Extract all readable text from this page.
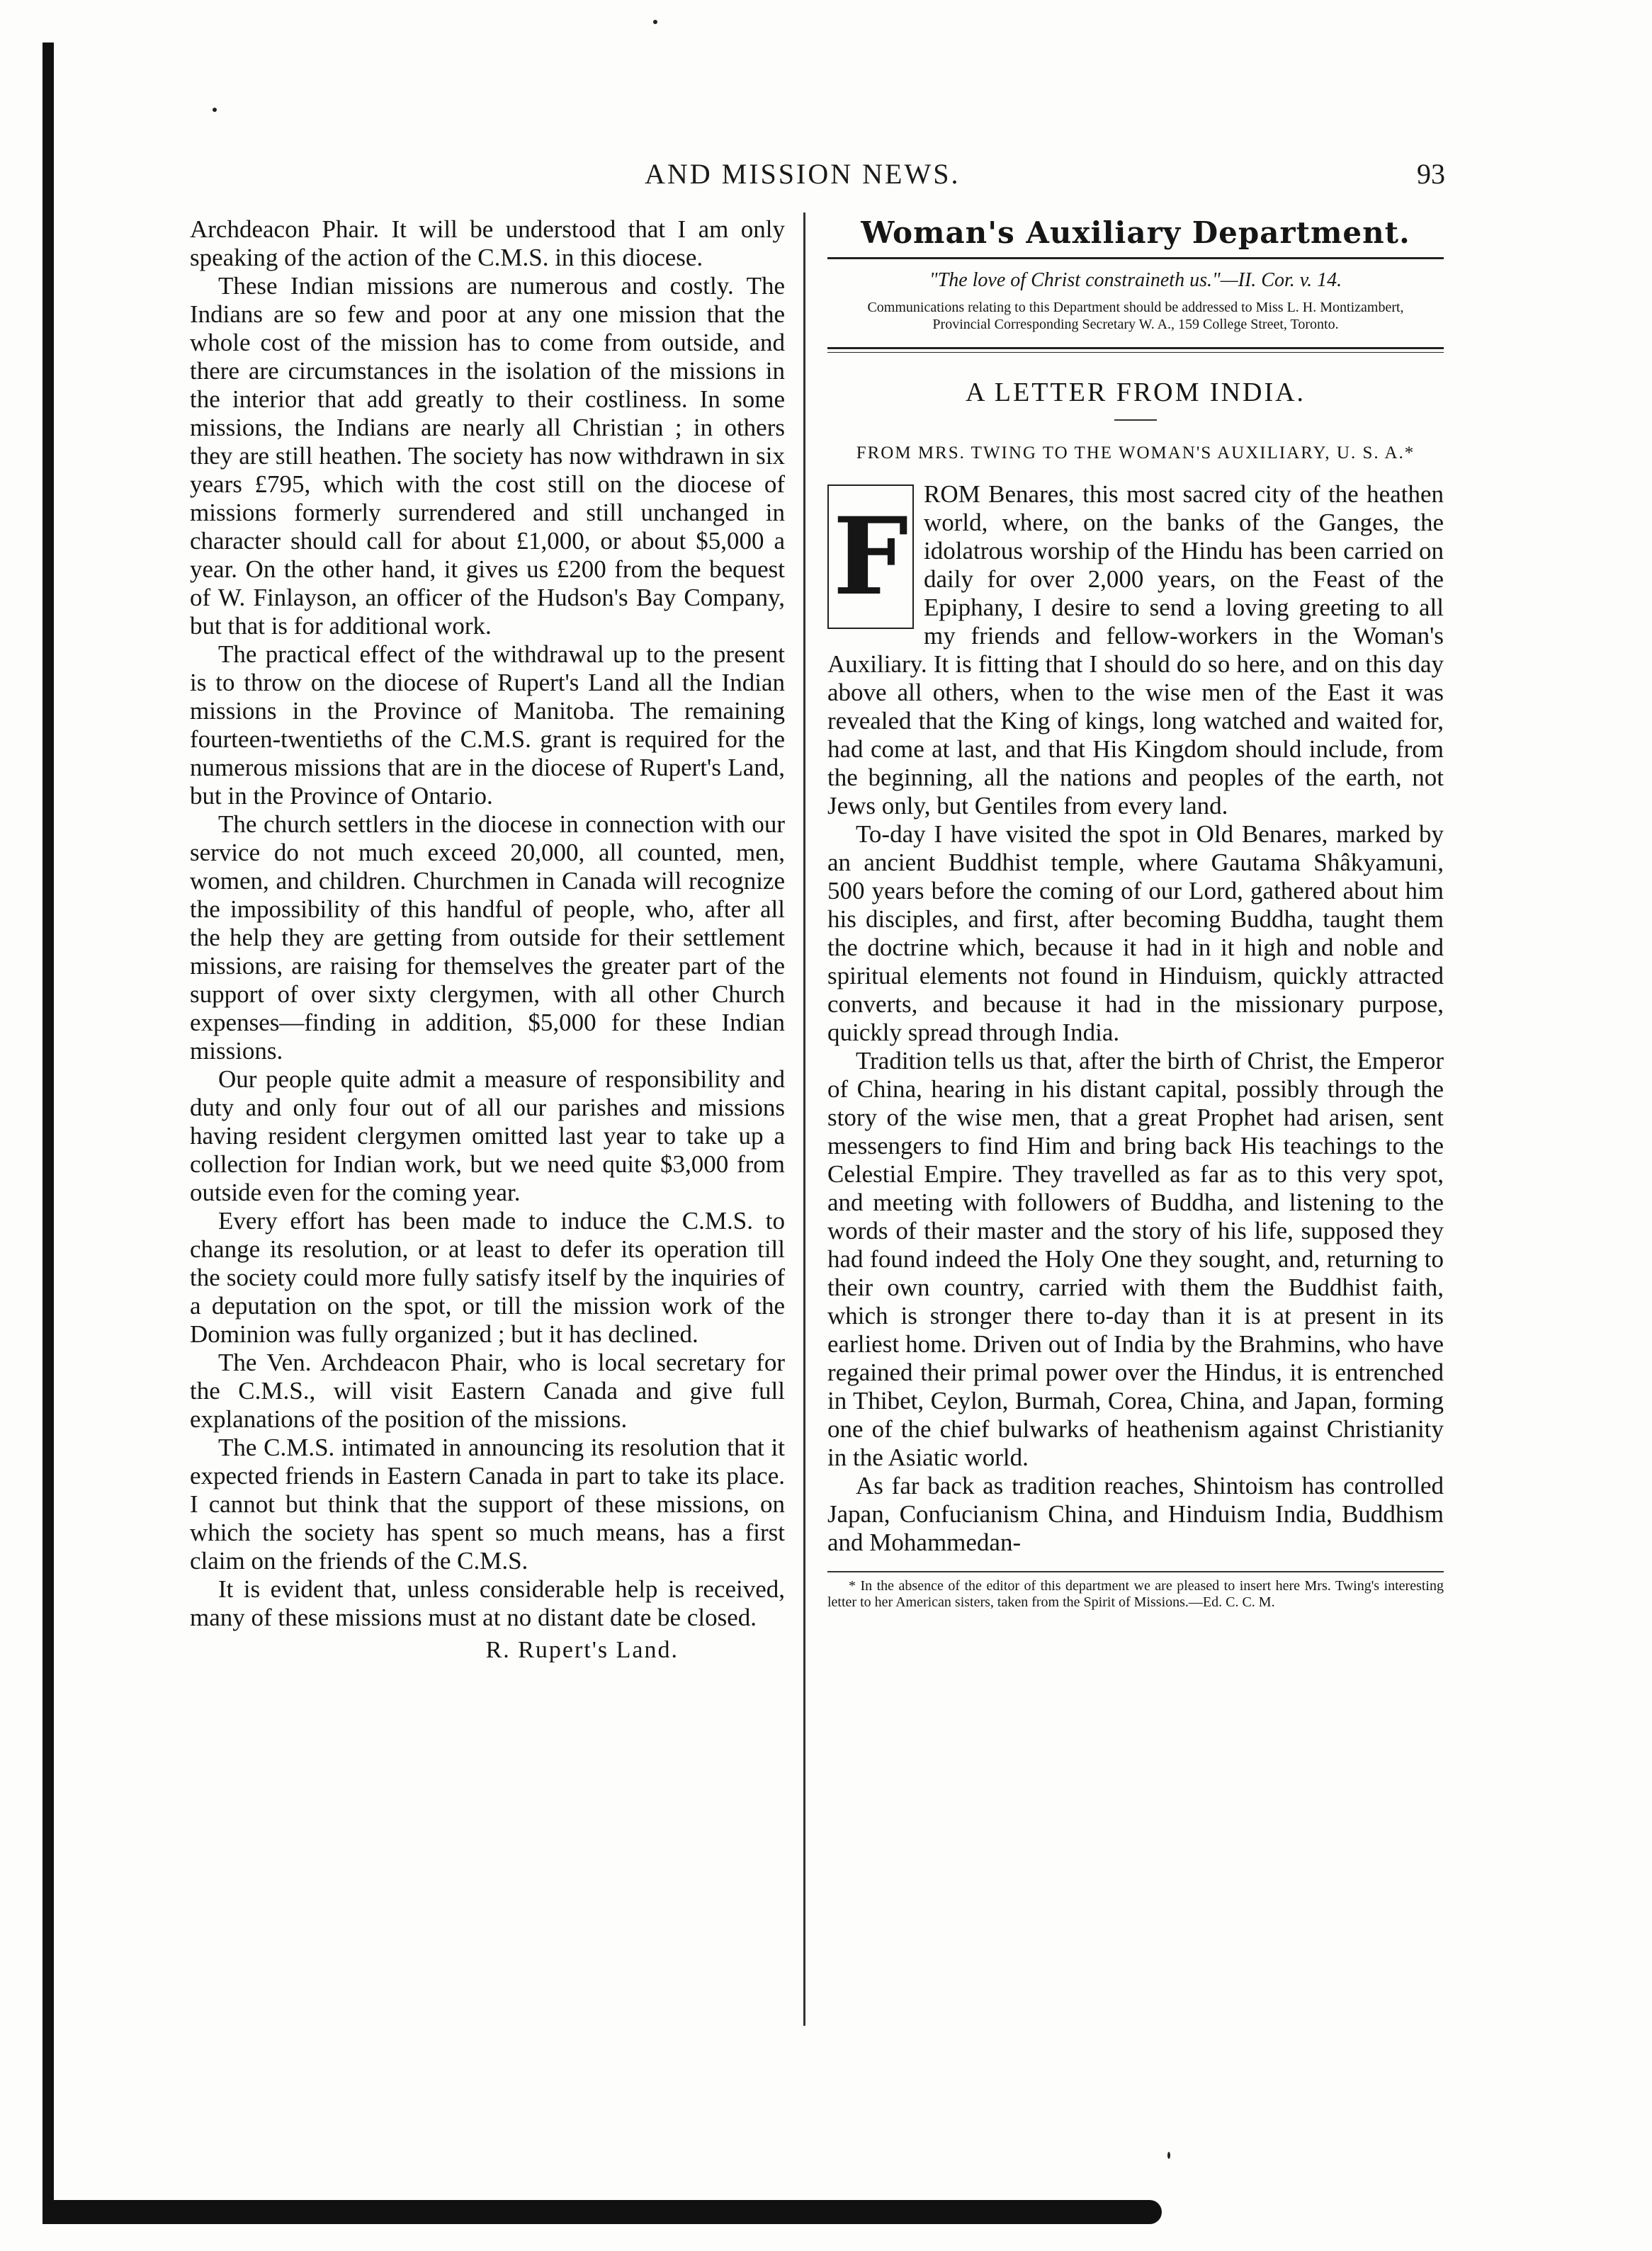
AND MISSION NEWS.	93

Archdeacon Phair. It will be understood that I am only speaking of the action of the C.M.S. in this diocese.

These Indian missions are numerous and costly. The Indians are so few and poor at any one mission that the whole cost of the mission has to come from outside, and there are circumstances in the isolation of the missions in the interior that add greatly to their costliness. In some missions, the Indians are nearly all Christian ; in others they are still heathen. The society has now withdrawn in six years £795, which with the cost still on the diocese of missions formerly surrendered and still unchanged in character should call for about £1,000, or about $5,000 a year. On the other hand, it gives us £200 from the bequest of W. Finlayson, an officer of the Hudson's Bay Company, but that is for additional work.

The practical effect of the withdrawal up to the present is to throw on the diocese of Rupert's Land all the Indian missions in the Province of Manitoba. The remaining fourteen-twentieths of the C.M.S. grant is required for the numerous missions that are in the diocese of Rupert's Land, but in the Province of Ontario.

The church settlers in the diocese in connection with our service do not much exceed 20,000, all counted, men, women, and children. Churchmen in Canada will recognize the impossibility of this handful of people, who, after all the help they are getting from outside for their settlement missions, are raising for themselves the greater part of the support of over sixty clergymen, with all other Church expenses—finding in addition, $5,000 for these Indian missions.

Our people quite admit a measure of responsibility and duty and only four out of all our parishes and missions having resident clergymen omitted last year to take up a collection for Indian work, but we need quite $3,000 from outside even for the coming year.

Every effort has been made to induce the C.M.S. to change its resolution, or at least to defer its operation till the society could more fully satisfy itself by the inquiries of a deputation on the spot, or till the mission work of the Dominion was fully organized ; but it has declined.

The Ven. Archdeacon Phair, who is local secretary for the C.M.S., will visit Eastern Canada and give full explanations of the position of the missions.

The C.M.S. intimated in announcing its resolution that it expected friends in Eastern Canada in part to take its place. I cannot but think that the support of these missions, on which the society has spent so much means, has a first claim on the friends of the C.M.S.

It is evident that, unless considerable help is received, many of these missions must at no distant date be closed.

R. Rupert's Land.

Woman's Auxiliary Department.
"The love of Christ constraineth us."—II. Cor. v. 14.
Communications relating to this Department should be addressed to Miss L. H. Montizambert, Provincial Corresponding Secretary W. A., 159 College Street, Toronto.
A LETTER FROM INDIA.
FROM MRS. TWING TO THE WOMAN'S AUXILIARY, U. S. A.*

F
ROM Benares, this most sacred city of the heathen world, where, on the banks of the Ganges, the idolatrous worship of the Hindu has been carried on daily for over 2,000 years, on the Feast of the Epiphany, I desire to send a loving greeting to all my friends and fellow-workers in the Woman's Auxiliary. It is fitting that I should do so here, and on this day above all others, when to the wise men of the East it was revealed that the King of kings, long watched and waited for, had come at last, and that His Kingdom should include, from the beginning, all the nations and peoples of the earth, not Jews only, but Gentiles from every land.

To-day I have visited the spot in Old Benares, marked by an ancient Buddhist temple, where Gautama Shâkyamuni, 500 years before the coming of our Lord, gathered about him his disciples, and first, after becoming Buddha, taught them the doctrine which, because it had in it high and noble and spiritual elements not found in Hinduism, quickly attracted converts, and because it had in the missionary purpose, quickly spread through India.

Tradition tells us that, after the birth of Christ, the Emperor of China, hearing in his distant capital, possibly through the story of the wise men, that a great Prophet had arisen, sent messengers to find Him and bring back His teachings to the Celestial Empire. They travelled as far as to this very spot, and meeting with followers of Buddha, and listening to the words of their master and the story of his life, supposed they had found indeed the Holy One they sought, and, returning to their own country, carried with them the Buddhist faith, which is stronger there to-day than it is at present in its earliest home. Driven out of India by the Brahmins, who have regained their primal power over the Hindus, it is entrenched in Thibet, Ceylon, Burmah, Corea, China, and Japan, forming one of the chief bulwarks of heathenism against Christianity in the Asiatic world.

As far back as tradition reaches, Shintoism has controlled Japan, Confucianism China, and Hinduism India, Buddhism and Mohammedan-

* In the absence of the editor of this department we are pleased to insert here Mrs. Twing's interesting letter to her American sisters, taken from the Spirit of Missions.—Ed. C. C. M.
